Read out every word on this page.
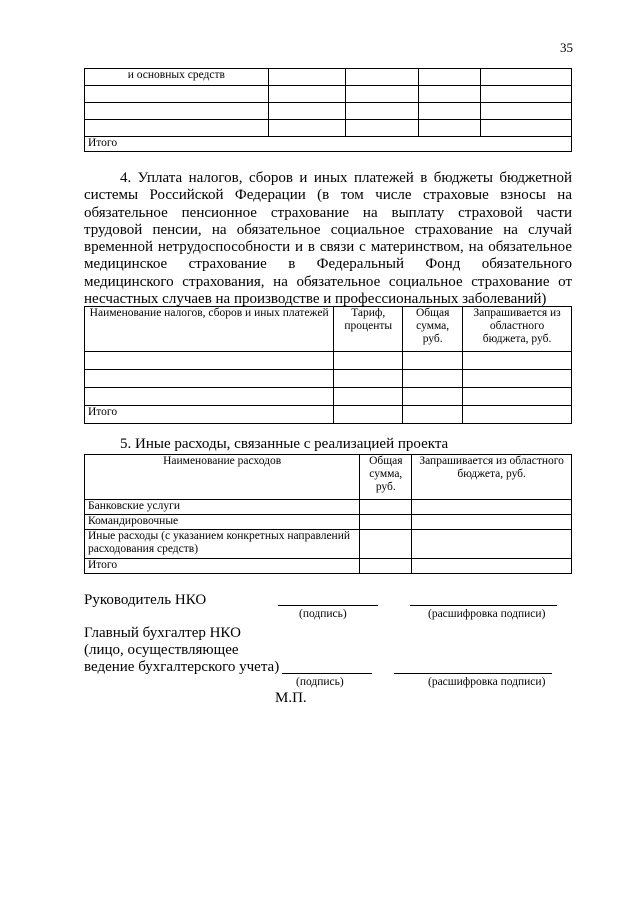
35
и основных средств				

Итого				
4. Уплата налогов, сборов и иных платежей в бюджеты бюджетной системы Российской Федерации (в том числе страховые взносы на обязательное пенсионное страхование на выплату страховой части трудовой пенсии, на обязательное социальное страхование на случай временной нетрудоспособности и в связи с материнством, на обязательное медицинское страхование в Федеральный Фонд обязательного медицинского страхования, на обязательное социальное страхование от несчастных случаев на производстве и профессиональных заболеваний)
Наименование налогов, сборов и иных платежей	Тариф, проценты	Общая сумма, руб.	Запрашивается из областного бюджета, руб.

Итого			
5. Иные расходы, связанные с реализацией проекта
Наименование расходов	Общая сумма, руб.	Запрашивается из областного бюджета, руб.
Банковские услуги		
Командировочные		
Иные расходы (с указанием конкретных направлений расходования средств)		
Итого		
Руководитель НКО
(подпись)	(расшифровка подписи)
Главный бухгалтер НКО
(лицо, осуществляющее
ведение бухгалтерского учета)
(подпись)	(расшифровка подписи)
М.П.
